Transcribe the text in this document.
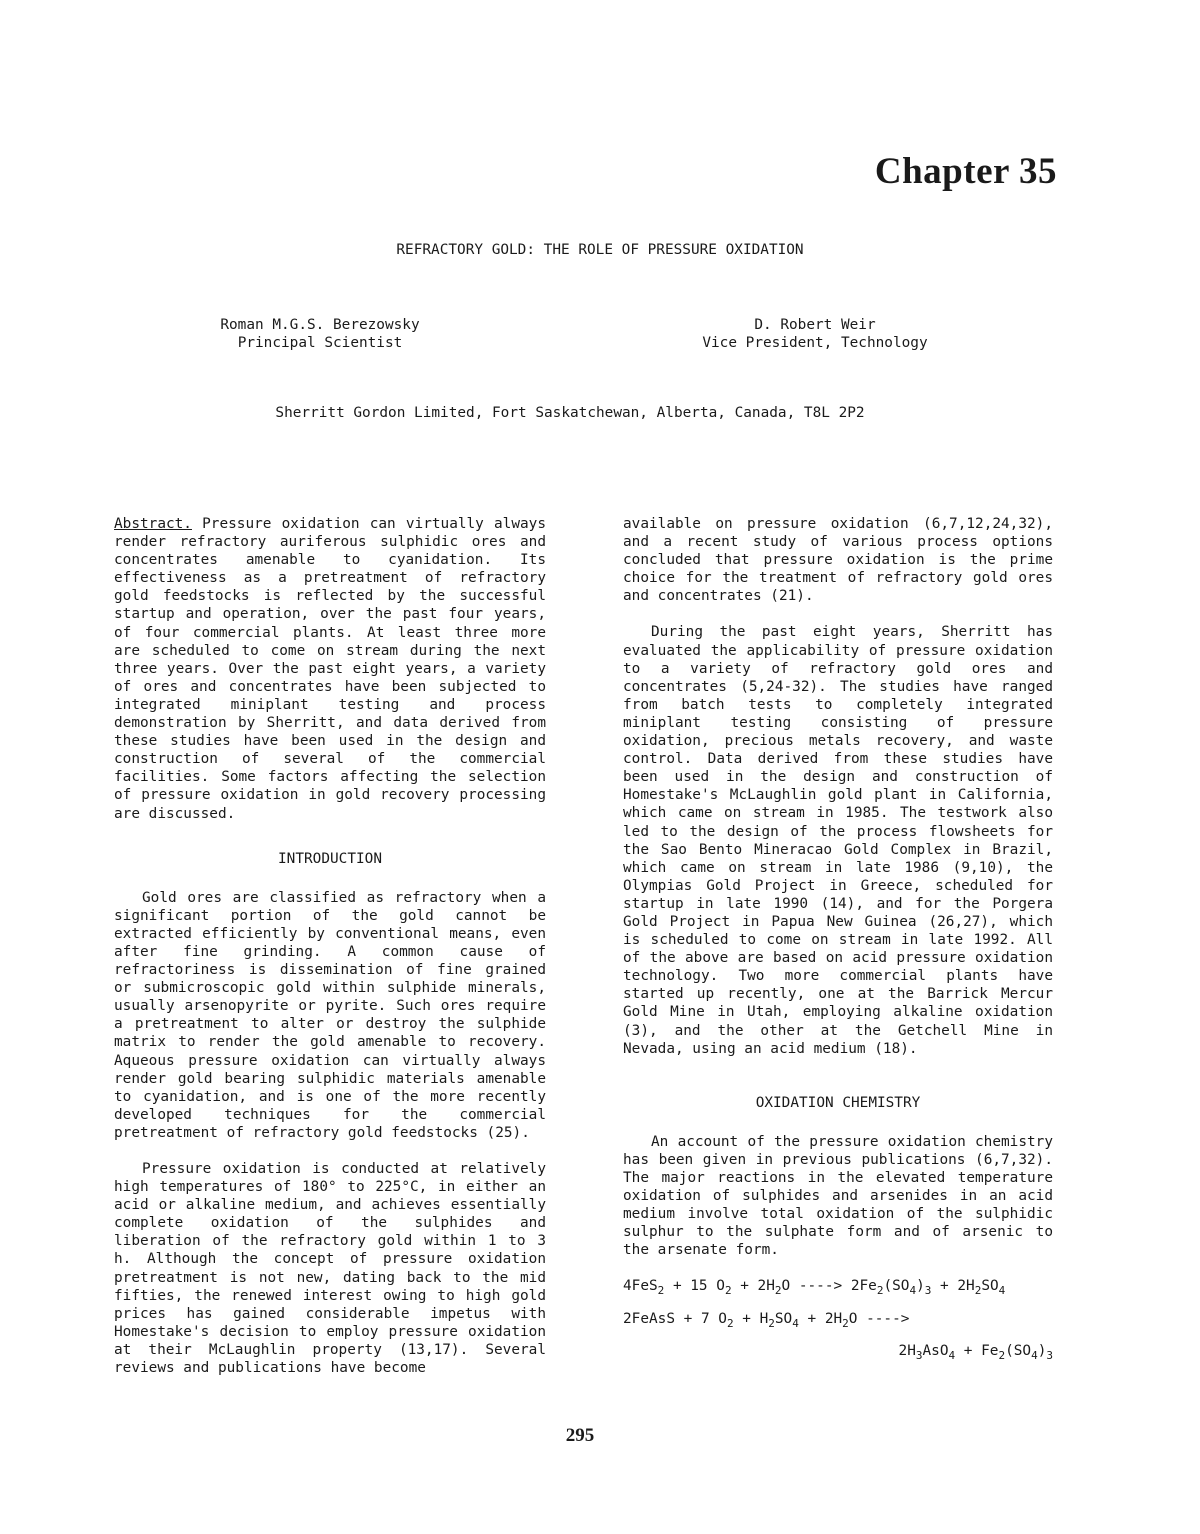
Chapter 35
REFRACTORY GOLD: THE ROLE OF PRESSURE OXIDATION
Roman M.G.S. Berezowsky
Principal Scientist
D. Robert Weir
Vice President, Technology
Sherritt Gordon Limited, Fort Saskatchewan, Alberta, Canada, T8L 2P2

Abstract. Pressure oxidation can virtually always render refractory auriferous sulphidic ores and concentrates amenable to cyanidation. Its effectiveness as a pretreatment of refractory gold feedstocks is reflected by the successful startup and operation, over the past four years, of four commercial plants. At least three more are scheduled to come on stream during the next three years. Over the past eight years, a variety of ores and concentrates have been subjected to integrated miniplant testing and process demonstration by Sherritt, and data derived from these studies have been used in the design and construction of several of the commercial facilities. Some factors affecting the selection of pressure oxidation in gold recovery processing are discussed.

INTRODUCTION

Gold ores are classified as refractory when a significant portion of the gold cannot be extracted efficiently by conventional means, even after fine grinding. A common cause of refractoriness is dissemination of fine grained or submicroscopic gold within sulphide minerals, usually arsenopyrite or pyrite. Such ores require a pretreatment to alter or destroy the sulphide matrix to render the gold amenable to recovery. Aqueous pressure oxidation can virtually always render gold bearing sulphidic materials amenable to cyanidation, and is one of the more recently developed techniques for the commercial pretreatment of refractory gold feedstocks (25).

Pressure oxidation is conducted at relatively high temperatures of 180° to 225°C, in either an acid or alkaline medium, and achieves essentially complete oxidation of the sulphides and liberation of the refractory gold within 1 to 3 h. Although the concept of pressure oxidation pretreatment is not new, dating back to the mid fifties, the renewed interest owing to high gold prices has gained considerable impetus with Homestake's decision to employ pressure oxidation at their McLaughlin property (13,17). Several reviews and publications have become

available on pressure oxidation (6,7,12,24,32), and a recent study of various process options concluded that pressure oxidation is the prime choice for the treatment of refractory gold ores and concentrates (21).

During the past eight years, Sherritt has evaluated the applicability of pressure oxidation to a variety of refractory gold ores and concentrates (5,24-32). The studies have ranged from batch tests to completely integrated miniplant testing consisting of pressure oxidation, precious metals recovery, and waste control. Data derived from these studies have been used in the design and construction of Homestake's McLaughlin gold plant in California, which came on stream in 1985. The testwork also led to the design of the process flowsheets for the Sao Bento Mineracao Gold Complex in Brazil, which came on stream in late 1986 (9,10), the Olympias Gold Project in Greece, scheduled for startup in late 1990 (14), and for the Porgera Gold Project in Papua New Guinea (26,27), which is scheduled to come on stream in late 1992. All of the above are based on acid pressure oxidation technology. Two more commercial plants have started up recently, one at the Barrick Mercur Gold Mine in Utah, employing alkaline oxidation (3), and the other at the Getchell Mine in Nevada, using an acid medium (18).

OXIDATION CHEMISTRY

An account of the pressure oxidation chemistry has been given in previous publications (6,7,32). The major reactions in the elevated temperature oxidation of sulphides and arsenides in an acid medium involve total oxidation of the sulphidic sulphur to the sulphate form and of arsenic to the arsenate form.

4FeS$_2$ + 15 $O_2 + 2H_2O$ ----> $2Fe_2(SO_4)_3 + 2H_2SO_4$
2FeAsS + 7 $O_2 + H_2SO_4 + 2H_2O$ ---->
$2H_3AsO_4 + Fe_2(SO_4)_3$
295
